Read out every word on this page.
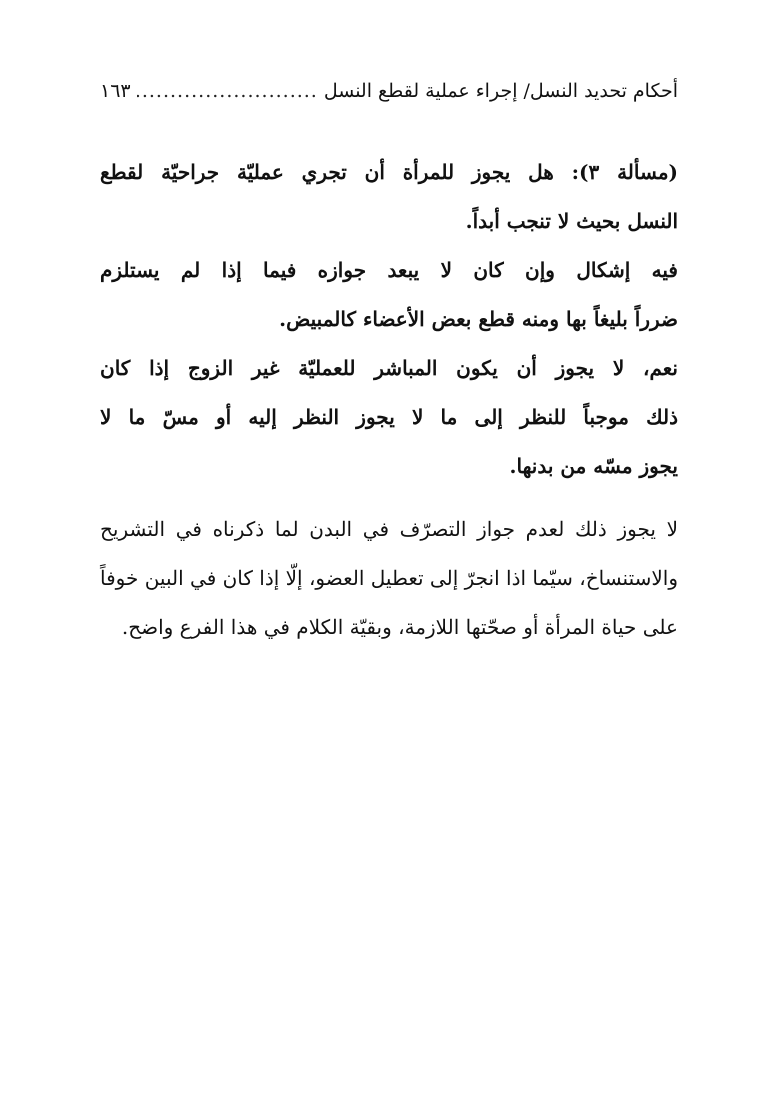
أحكام تحديد النسل/ إجراء عملية لقطع النسل
.....
١٦٣

(مسألة ٣): هل يجوز للمرأة أن تجري عمليّة جراحيّة لقطع
النسل بحيث لا تنجب أبداً.
فيه إشكال وإن كان لا يبعد جوازه فيما إذا لم يستلزم
ضرراً بليغاً بها ومنه قطع بعض الأعضاء كالمبيض.
نعم، لا يجوز أن يكون المباشر للعمليّة غير الزوج إذا كان
ذلك موجباً للنظر إلى ما لا يجوز النظر إليه أو مسّ ما لا
يجوز مسّه من بدنها.

لا يجوز ذلك لعدم جواز التصرّف في البدن لما ذكرناه في التشريح
والاستنساخ، سيّما اذا انجرّ إلى تعطيل العضو، إلّا إذا كان في البين خوفاً
على حياة المرأة أو صحّتها اللازمة، وبقيّة الكلام في هذا الفرع واضح.
